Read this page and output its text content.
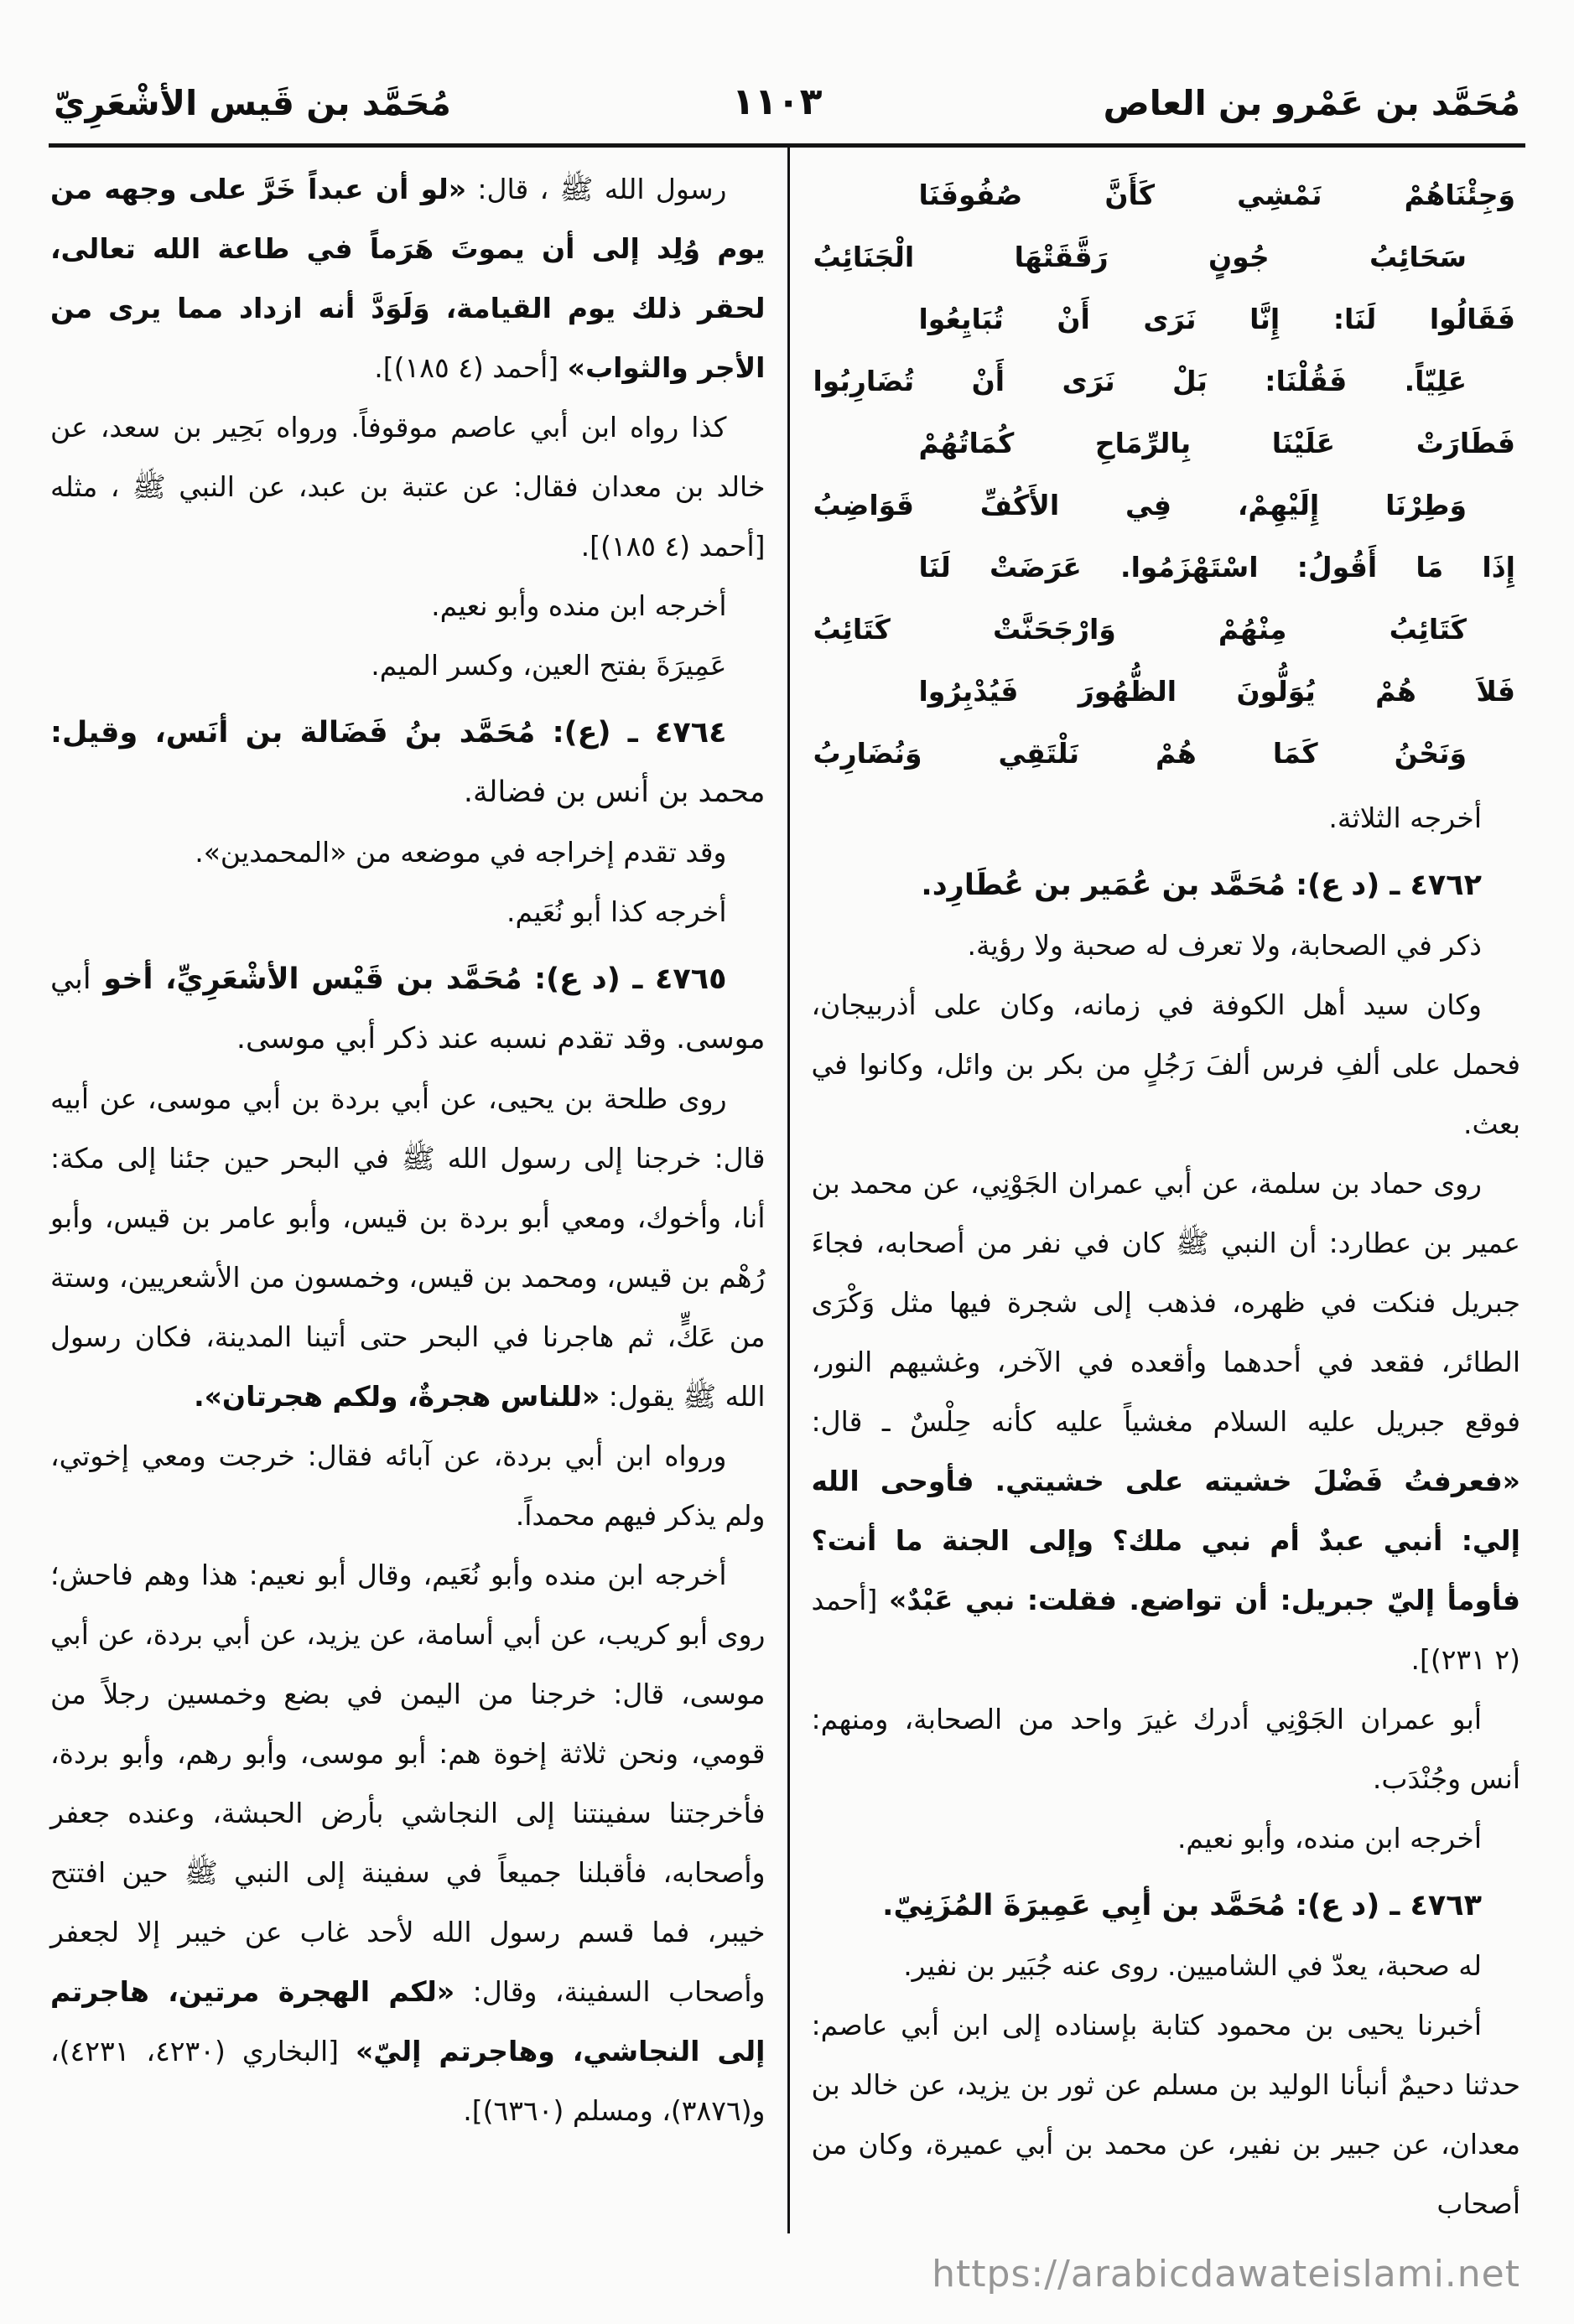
مُحَمَّد بن عَمْرو بن العاص
١١٠٣
مُحَمَّد بن قَيس الأشْعَرِيّ
وَجِئْنَاهُمْ نَمْشِي كَأَنَّ صُفُوفَنَا
سَحَائِبُ جُونٍ رَقَّقَتْهَا الْجَنَائِبُ
فَقَالُوا لَنَا: إِنَّا نَرَى أَنْ تُبَايِعُوا
عَلِيّاً. فَقُلْنَا: بَلْ نَرَى أَنْ تُضَارِبُوا
فَطَارَتْ عَلَيْنَا بِالرِّمَاحِ كُمَاتُهُمْ
وَطِرْنَا إِلَيْهِمْ، فِي الأَكُفِّ قَوَاضِبُ
إِذَا مَا أَقُولُ: اسْتَهْزَمُوا. عَرَضَتْ لَنَا
كَتَائِبُ مِنْهُمْ وَارْجَحَنَّتْ كَتَائِبُ
فَلاَ هُمْ يُوَلُّونَ الظُّهُورَ فَيُدْبِرُوا
وَنَحْنُ كَمَا هُمْ نَلْتَقِي وَنُضَارِبُ

أخرجه الثلاثة.

٤٧٦٢ ـ (د ع): مُحَمَّد بن عُمَير بن عُطَارِد.

ذكر في الصحابة، ولا تعرف له صحبة ولا رؤية.

وكان سيد أهل الكوفة في زمانه، وكان على أذربيجان، فحمل على ألفِ فرس ألفَ رَجُلٍ من بكر بن وائل، وكانوا في بعث.

روى حماد بن سلمة، عن أبي عمران الجَوْنِي، عن محمد بن عمير بن عطارد: أن النبي ﷺ كان في نفر من أصحابه، فجاءَ جبريل فنكت في ظهره، فذهب إلى شجرة فيها مثل وَكْرَى الطائر، فقعد في أحدهما وأقعده في الآخر، وغشيهم النور، فوقع جبريل عليه السلام مغشياً عليه كأنه حِلْسٌ ـ قال: «فعرفتُ فَضْلَ خشيته على خشيتي. فأوحى الله إلي: أنبي عبدٌ أم نبي ملك؟ وإلى الجنة ما أنت؟ فأومأ إليّ جبريل: أن تواضع. فقلت: نبي عَبْدٌ» [أحمد (٢ ٢٣١)].

أبو عمران الجَوْنِي أدرك غيرَ واحد من الصحابة، ومنهم: أنس وجُنْدَب.

أخرجه ابن منده، وأبو نعيم.

٤٧٦٣ ـ (د ع): مُحَمَّد بن أبِي عَمِيرَةَ المُزَنِيّ.

له صحبة، يعدّ في الشاميين. روى عنه جُبَير بن نفير.

أخبرنا يحيى بن محمود كتابة بإسناده إلى ابن أبي عاصم: حدثنا دحيمٌ أنبأنا الوليد بن مسلم عن ثور بن يزيد، عن خالد بن معدان، عن جبير بن نفير، عن محمد بن أبي عميرة، وكان من أصحاب

رسول الله ﷺ ، قال: «لو أن عبداً خَرَّ على وجهه من يوم وُلِد إلى أن يموتَ هَرَماً في طاعة الله تعالى، لحقر ذلك يوم القيامة، وَلَوَدَّ أنه ازداد مما يرى من الأجر والثواب» [أحمد (٤ ١٨٥)].

كذا رواه ابن أبي عاصم موقوفاً. ورواه بَحِير بن سعد، عن خالد بن معدان فقال: عن عتبة بن عبد، عن النبي ﷺ ، مثله [أحمد (٤ ١٨٥)].

أخرجه ابن منده وأبو نعيم.

عَمِيرَةَ بفتح العين، وكسر الميم.

٤٧٦٤ ـ (ع): مُحَمَّد بنُ فَضَالة بن أنَس، وقيل: محمد بن أنس بن فضالة.

وقد تقدم إخراجه في موضعه من «المحمدين».

أخرجه كذا أبو نُعَيم.

٤٧٦٥ ـ (د ع): مُحَمَّد بن قَيْس الأشْعَرِيِّ، أخو أبي موسى. وقد تقدم نسبه عند ذكر أبي موسى.

روى طلحة بن يحيى، عن أبي بردة بن أبي موسى، عن أبيه قال: خرجنا إلى رسول الله ﷺ في البحر حين جئنا إلى مكة: أنا، وأخوك، ومعي أبو بردة بن قيس، وأبو عامر بن قيس، وأبو رُهْم بن قيس، ومحمد بن قيس، وخمسون من الأشعريين، وستة من عَكٍّ، ثم هاجرنا في البحر حتى أتينا المدينة، فكان رسول الله ﷺ يقول: «للناس هجرةٌ، ولكم هجرتان».

ورواه ابن أبي بردة، عن آبائه فقال: خرجت ومعي إخوتي، ولم يذكر فيهم محمداً.

أخرجه ابن منده وأبو نُعَيم، وقال أبو نعيم: هذا وهم فاحش؛ روى أبو كريب، عن أبي أسامة، عن يزيد، عن أبي بردة، عن أبي موسى، قال: خرجنا من اليمن في بضع وخمسين رجلاً من قومي، ونحن ثلاثة إخوة هم: أبو موسى، وأبو رهم، وأبو بردة، فأخرجتنا سفينتنا إلى النجاشي بأرض الحبشة، وعنده جعفر وأصحابه، فأقبلنا جميعاً في سفينة إلى النبي ﷺ حين افتتح خيبر، فما قسم رسول الله لأحد غاب عن خيبر إلا لجعفر وأصحاب السفينة، وقال: «لكم الهجرة مرتين، هاجرتم إلى النجاشي، وهاجرتم إليّ» [البخاري (٤٢٣٠، ٤٢٣١)، و(٣٨٧٦)، ومسلم (٦٣٦٠)].

https://arabicdawateislami.net
